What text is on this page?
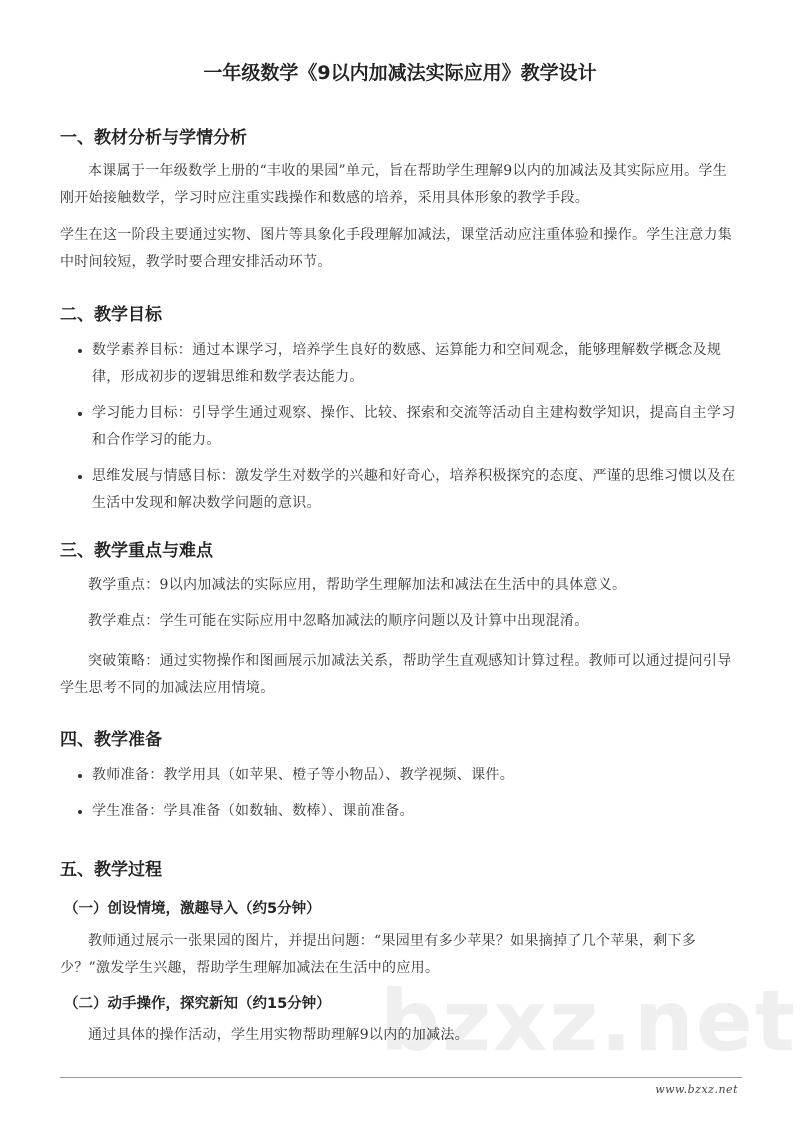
一年级数学《9以内加减法实际应用》教学设计
一、教材分析与学情分析

本课属于一年级数学上册的“丰收的果园”单元，旨在帮助学生理解9以内的加减法及其实际应用。学生刚开始接触数学，学习时应注重实践操作和数感的培养，采用具体形象的教学手段。

学生在这一阶段主要通过实物、图片等具象化手段理解加减法，课堂活动应注重体验和操作。学生注意力集中时间较短，教学时要合理安排活动环节。

二、教学目标
数学素养目标：通过本课学习，培养学生良好的数感、运算能力和空间观念，能够理解数学概念及规律，形成初步的逻辑思维和数学表达能力。
学习能力目标：引导学生通过观察、操作、比较、探索和交流等活动自主建构数学知识，提高自主学习和合作学习的能力。
思维发展与情感目标：激发学生对数学的兴趣和好奇心，培养积极探究的态度、严谨的思维习惯以及在生活中发现和解决数学问题的意识。
三、教学重点与难点

教学重点：9以内加减法的实际应用，帮助学生理解加法和减法在生活中的具体意义。

教学难点：学生可能在实际应用中忽略加减法的顺序问题以及计算中出现混淆。

突破策略：通过实物操作和图画展示加减法关系，帮助学生直观感知计算过程。教师可以通过提问引导学生思考不同的加减法应用情境。

四、教学准备
教师准备：教学用具（如苹果、橙子等小物品）、教学视频、课件。
学生准备：学具准备（如数轴、数棒）、课前准备。
五、教学过程
（一）创设情境，激趣导入（约5分钟）

教师通过展示一张果园的图片，并提出问题：“果园里有多少苹果？如果摘掉了几个苹果，剩下多少？”激发学生兴趣，帮助学生理解加减法在生活中的应用。

（二）动手操作，探究新知（约15分钟）

通过具体的操作活动，学生用实物帮助理解9以内的加减法。

bzxz.net
www.bzxz.net
